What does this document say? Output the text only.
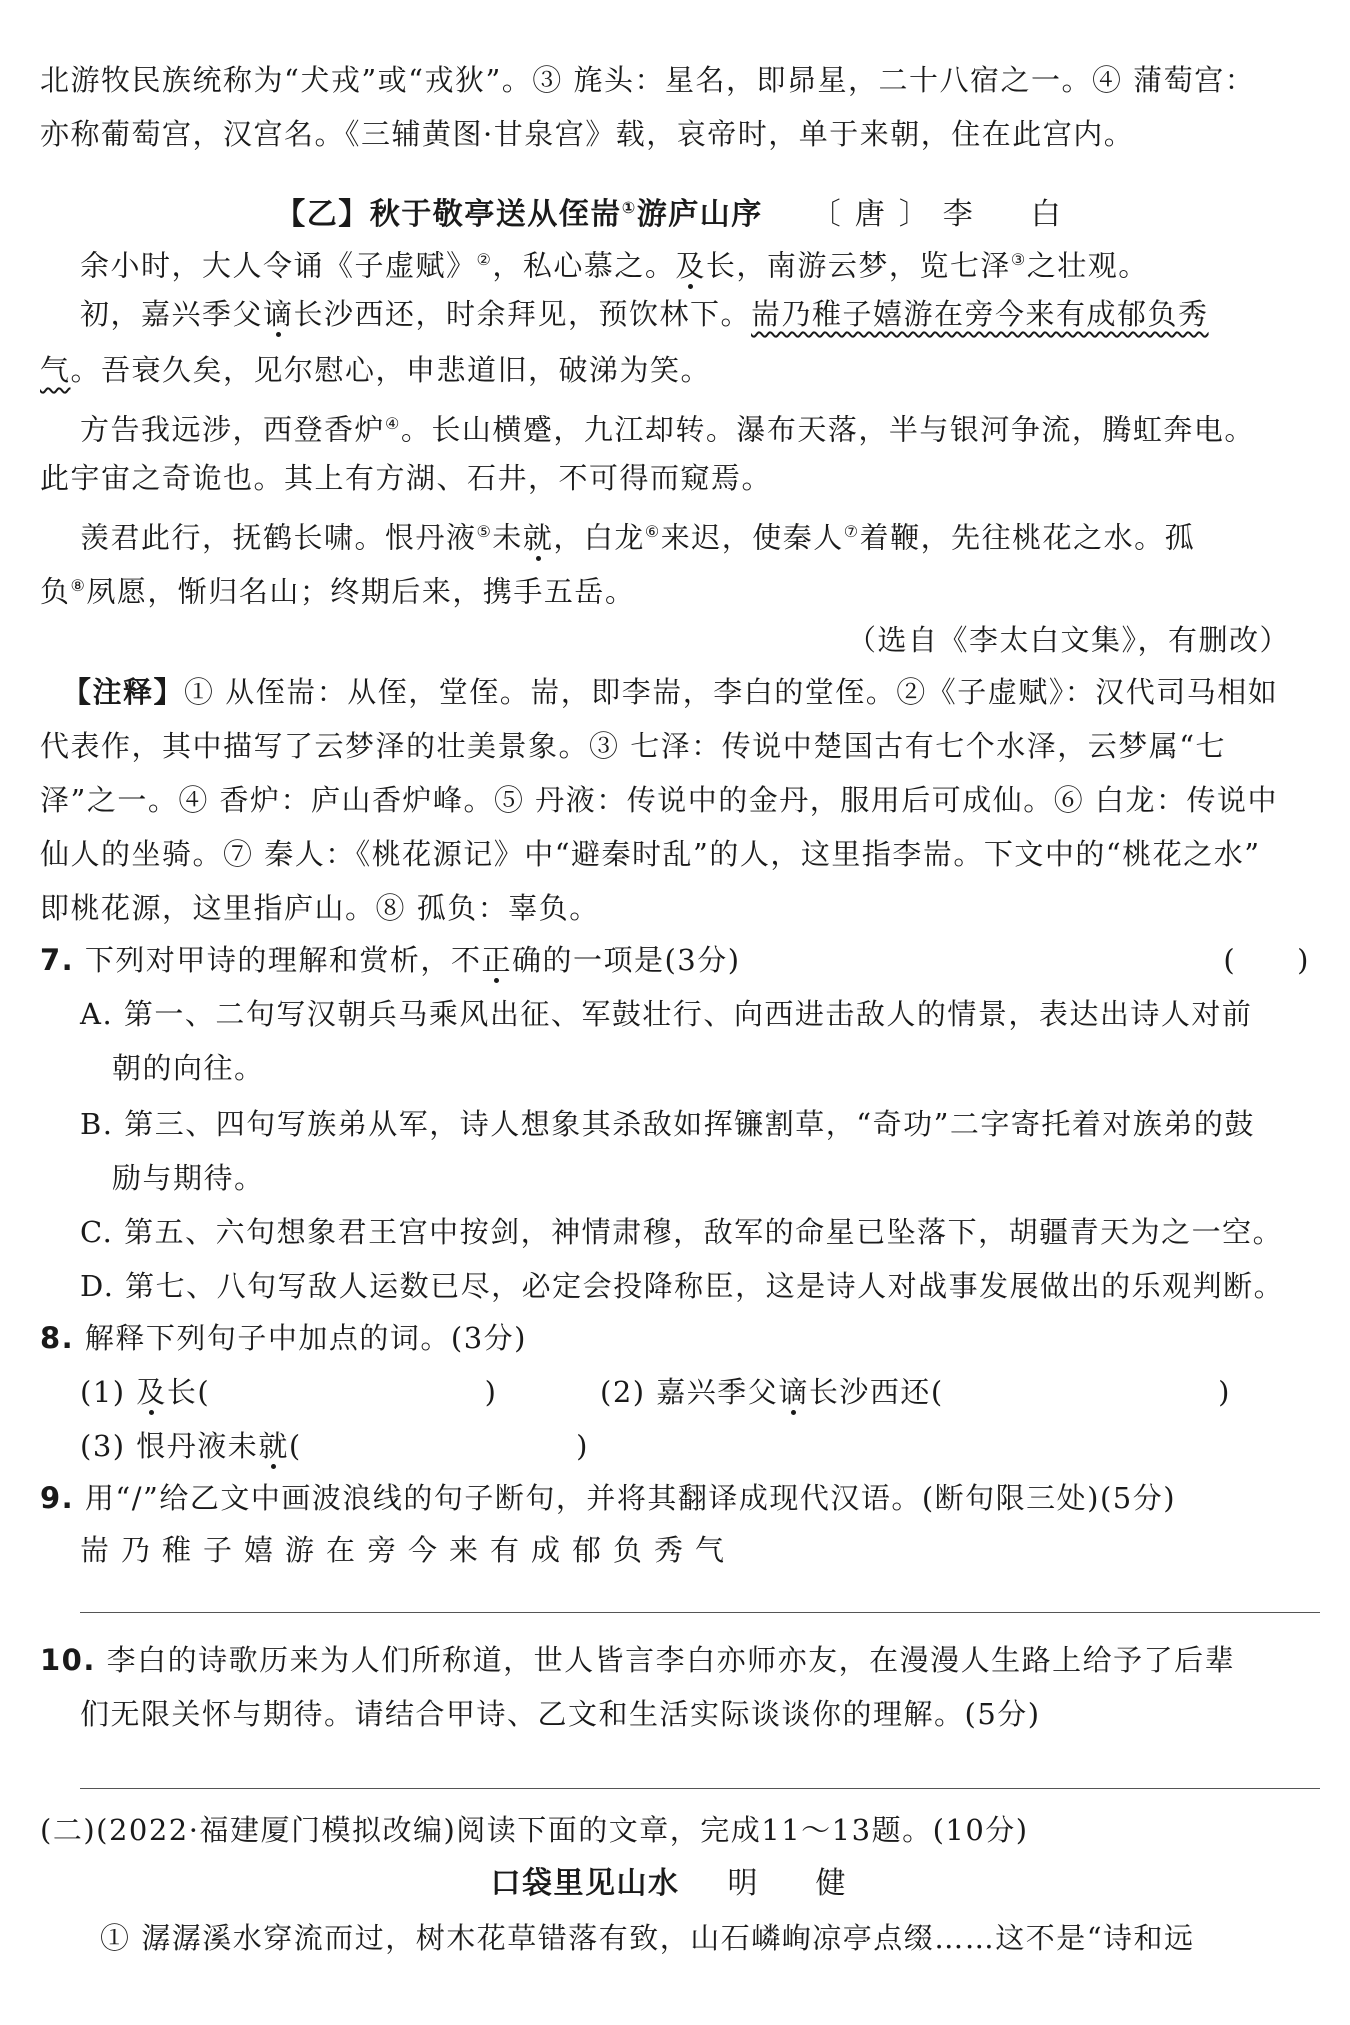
北游牧民族统称为“犬戎”或“戎狄”。③ 旄头：星名，即昴星，二十八宿之一。④ 蒲萄宫：
亦称葡萄宫，汉宫名。《三辅黄图·甘泉宫》载，哀帝时，单于来朝，住在此宫内。
【乙】秋于敬亭送从侄耑①游庐山序 〔唐〕李　白
余小时，大人令诵《子虚赋》②，私心慕之。及长，南游云梦，览七泽③之壮观。
初，嘉兴季父谪长沙西还，时余拜见，预饮林下。耑乃稚子嬉游在旁今来有成郁负秀
气。吾衰久矣，见尔慰心，申悲道旧，破涕为笑。
方告我远涉，西登香炉④。长山横蹙，九江却转。瀑布天落，半与银河争流，腾虹奔电。
此宇宙之奇诡也。其上有方湖、石井，不可得而窥焉。
羡君此行，抚鹤长啸。恨丹液⑤未就，白龙⑥来迟，使秦人⑦着鞭，先往桃花之水。孤
负⑧夙愿，惭归名山；终期后来，携手五岳。
（选自《李太白文集》，有删改）
【注释】① 从侄耑：从侄，堂侄。耑，即李耑，李白的堂侄。②《子虚赋》：汉代司马相如
代表作，其中描写了云梦泽的壮美景象。③ 七泽：传说中楚国古有七个水泽，云梦属“七
泽”之一。④ 香炉：庐山香炉峰。⑤ 丹液：传说中的金丹，服用后可成仙。⑥ 白龙：传说中
仙人的坐骑。⑦ 秦人：《桃花源记》中“避秦时乱”的人，这里指李耑。下文中的“桃花之水”
即桃花源，这里指庐山。⑧ 孤负：辜负。
7. 下列对甲诗的理解和赏析，不正确的一项是(3分)	(　　)
A. 第一、二句写汉朝兵马乘风出征、军鼓壮行、向西进击敌人的情景，表达出诗人对前
朝的向往。
B. 第三、四句写族弟从军，诗人想象其杀敌如挥镰割草，“奇功”二字寄托着对族弟的鼓
励与期待。
C. 第五、六句想象君王宫中按剑，神情肃穆，敌军的命星已坠落下，胡疆青天为之一空。
D. 第七、八句写敌人运数已尽，必定会投降称臣，这是诗人对战事发展做出的乐观判断。
8. 解释下列句子中加点的词。(3分)
(1) 及长(　　　　　　　　　)	(2) 嘉兴季父谪长沙西还(　　　　　　　　　)
(3) 恨丹液未就(　　　　　　　　　)
9. 用“/”给乙文中画波浪线的句子断句，并将其翻译成现代汉语。(断句限三处)(5分)
耑乃稚子嬉游在旁今来有成郁负秀气
10. 李白的诗歌历来为人们所称道，世人皆言李白亦师亦友，在漫漫人生路上给予了后辈
们无限关怀与期待。请结合甲诗、乙文和生活实际谈谈你的理解。(5分)
(二)(2022·福建厦门模拟改编)阅读下面的文章，完成11～13题。(10分)
口袋里见山水 明　健
① 潺潺溪水穿流而过，树木花草错落有致，山石嶙峋凉亭点缀……这不是“诗和远
